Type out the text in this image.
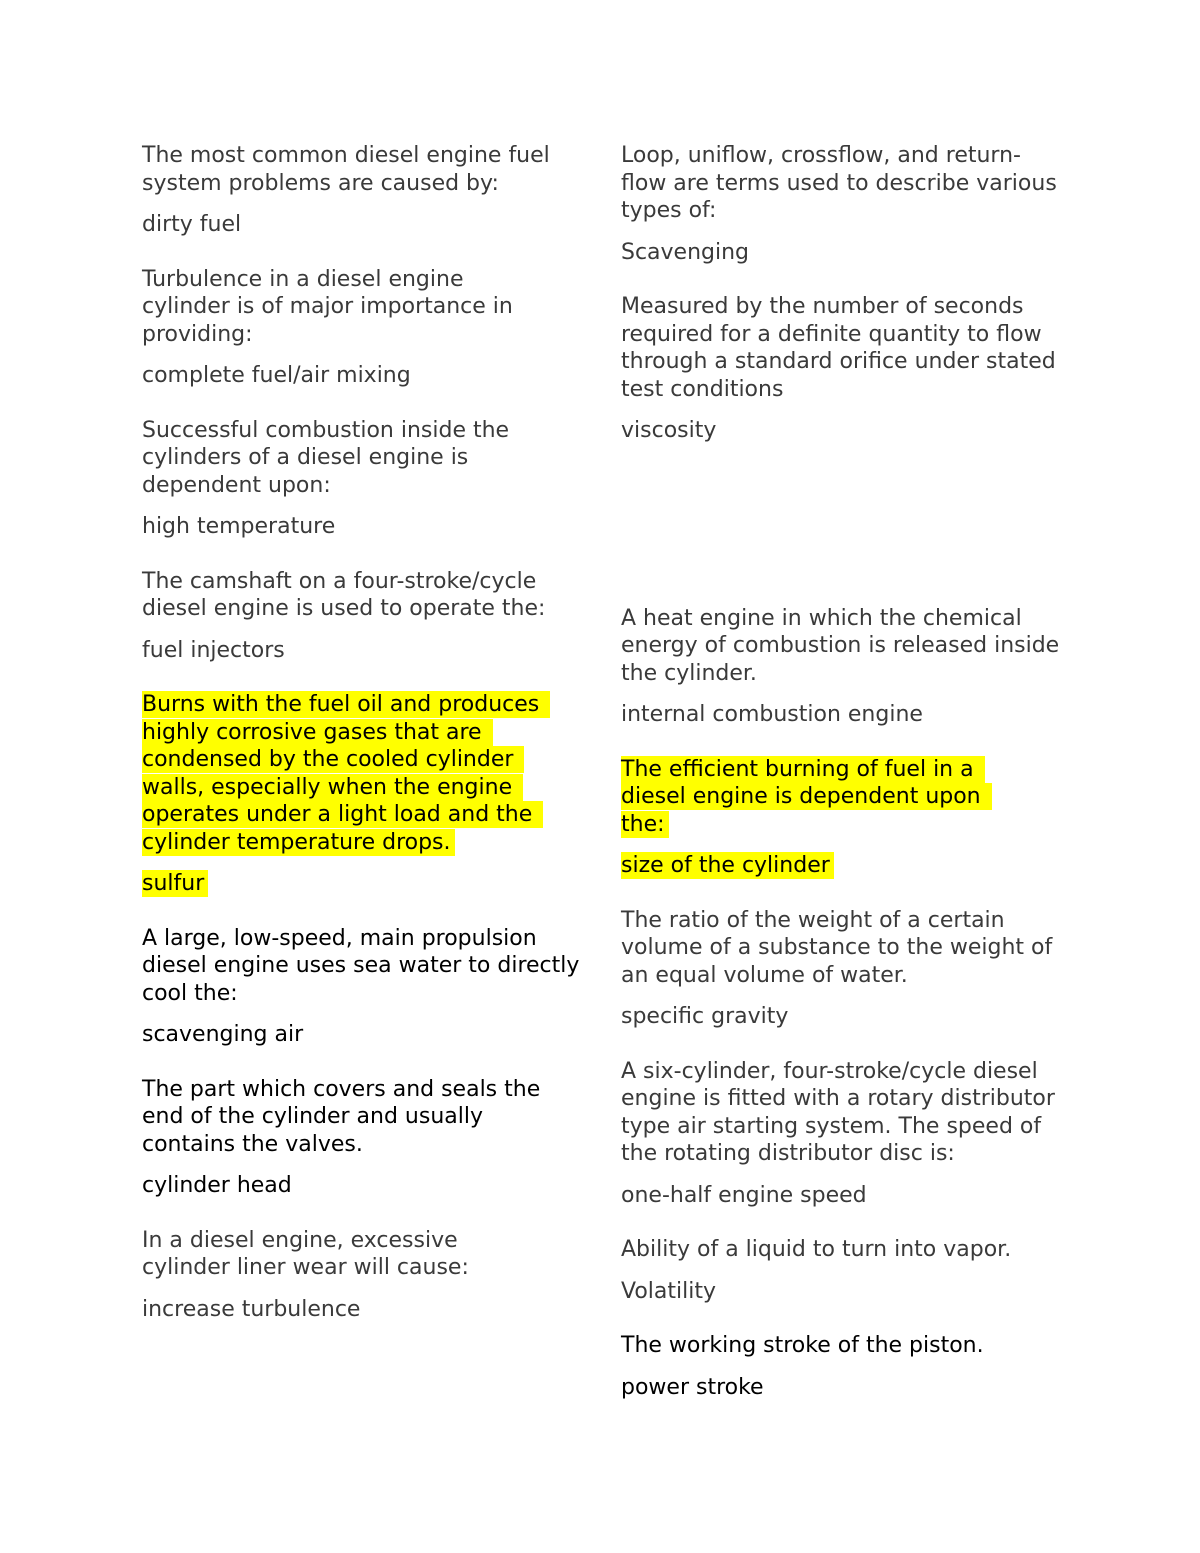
The most common diesel engine fuel system problems are caused by:

dirty fuel

Turbulence in a diesel engine cylinder is of major importance in providing:

complete fuel/air mixing

Successful combustion inside the cylinders of a diesel engine is dependent upon:

high temperature

The camshaft on a four-stroke/cycle diesel engine is used to operate the:

fuel injectors

Burns with the fuel oil and produces highly corrosive gases that are condensed by the cooled cylinder walls, especially when the engine operates under a light load and the cylinder temperature drops.

sulfur

A large, low-speed, main propulsion diesel engine uses sea water to directly cool the:

scavenging air

The part which covers and seals the end of the cylinder and usually contains the valves.

cylinder head

In a diesel engine, excessive cylinder liner wear will cause:

increase turbulence

Loop, uniflow, crossflow, and return-flow are terms used to describe various types of:

Scavenging

Measured by the number of seconds required for a definite quantity to flow through a standard orifice under stated test conditions

viscosity

A heat engine in which the chemical energy of combustion is released inside the cylinder.

internal combustion engine

The efficient burning of fuel in a diesel engine is dependent upon the:

size of the cylinder

The ratio of the weight of a certain volume of a substance to the weight of an equal volume of water.

specific gravity

A six-cylinder, four-stroke/cycle diesel engine is fitted with a rotary distributor type air starting system. The speed of the rotating distributor disc is:

one-half engine speed

Ability of a liquid to turn into vapor.

Volatility

The working stroke of the piston.

power stroke
